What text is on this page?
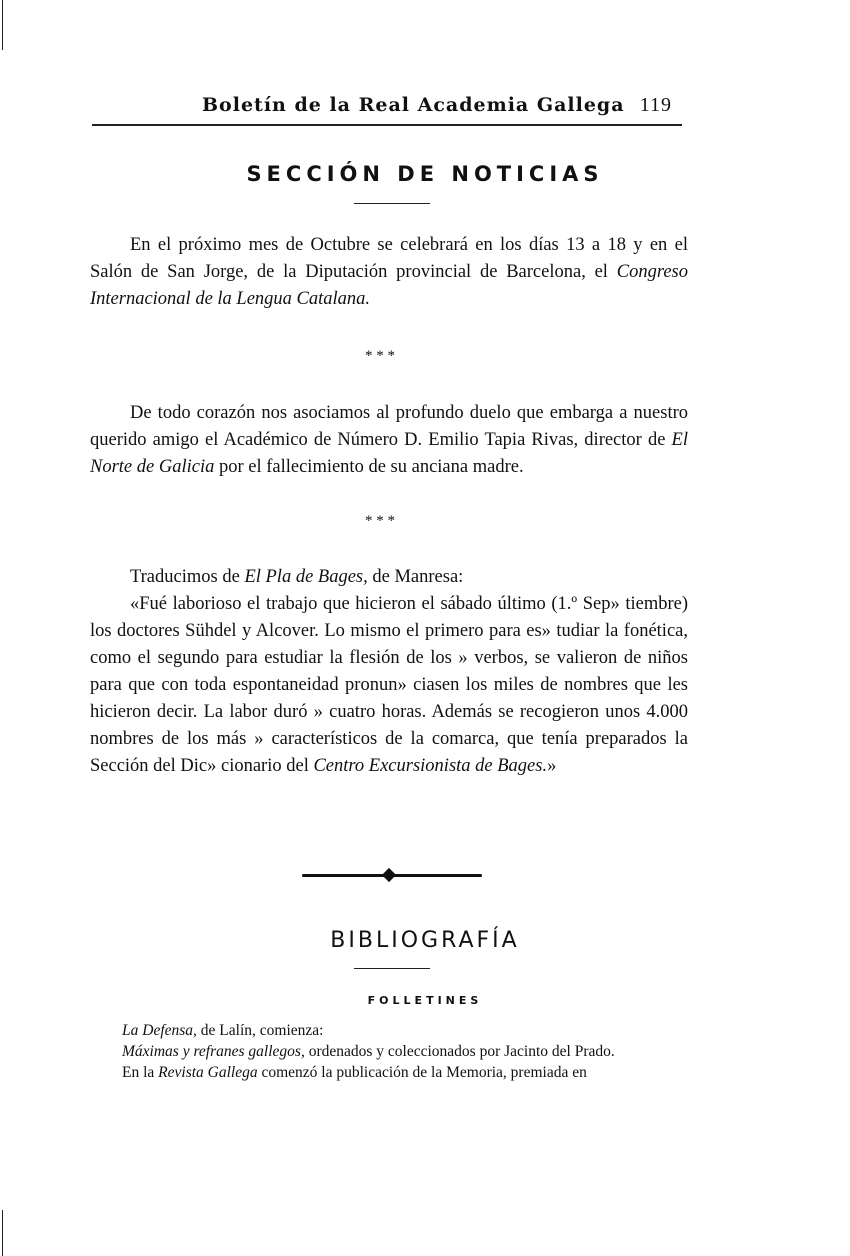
Boletín de la Real Academia Gallega 119
SECCIÓN DE NOTICIAS

En el próximo mes de Octubre se celebrará en los días 13 a 18 y en el Salón de San Jorge, de la Diputación provincial de Barcelona, el Congreso Internacional de la Lengua Catalana.

* * *

De todo corazón nos asociamos al profundo duelo que embarga a nuestro querido amigo el Académico de Número D. Emilio Tapia Rivas, director de El Norte de Galicia por el fallecimiento de su anciana madre.

* * *

Traducimos de El Pla de Bages, de Manresa:

«Fué laborioso el trabajo que hicieron el sábado último (1.º Sep» tiembre) los doctores Sühdel y Alcover. Lo mismo el primero para es» tudiar la fonética, como el segundo para estudiar la flesión de los » verbos, se valieron de niños para que con toda espontaneidad pronun» ciasen los miles de nombres que les hicieron decir. La labor duró » cuatro horas. Además se recogieron unos 4.000 nombres de los más » característicos de la comarca, que tenía preparados la Sección del Dic» cionario del Centro Excursionista de Bages.»

BIBLIOGRAFÍA
FOLLETINES

La Defensa, de Lalín, comienza:

Máximas y refranes gallegos, ordenados y coleccionados por Jacinto del Prado.

En la Revista Gallega comenzó la publicación de la Memoria, premiada en
